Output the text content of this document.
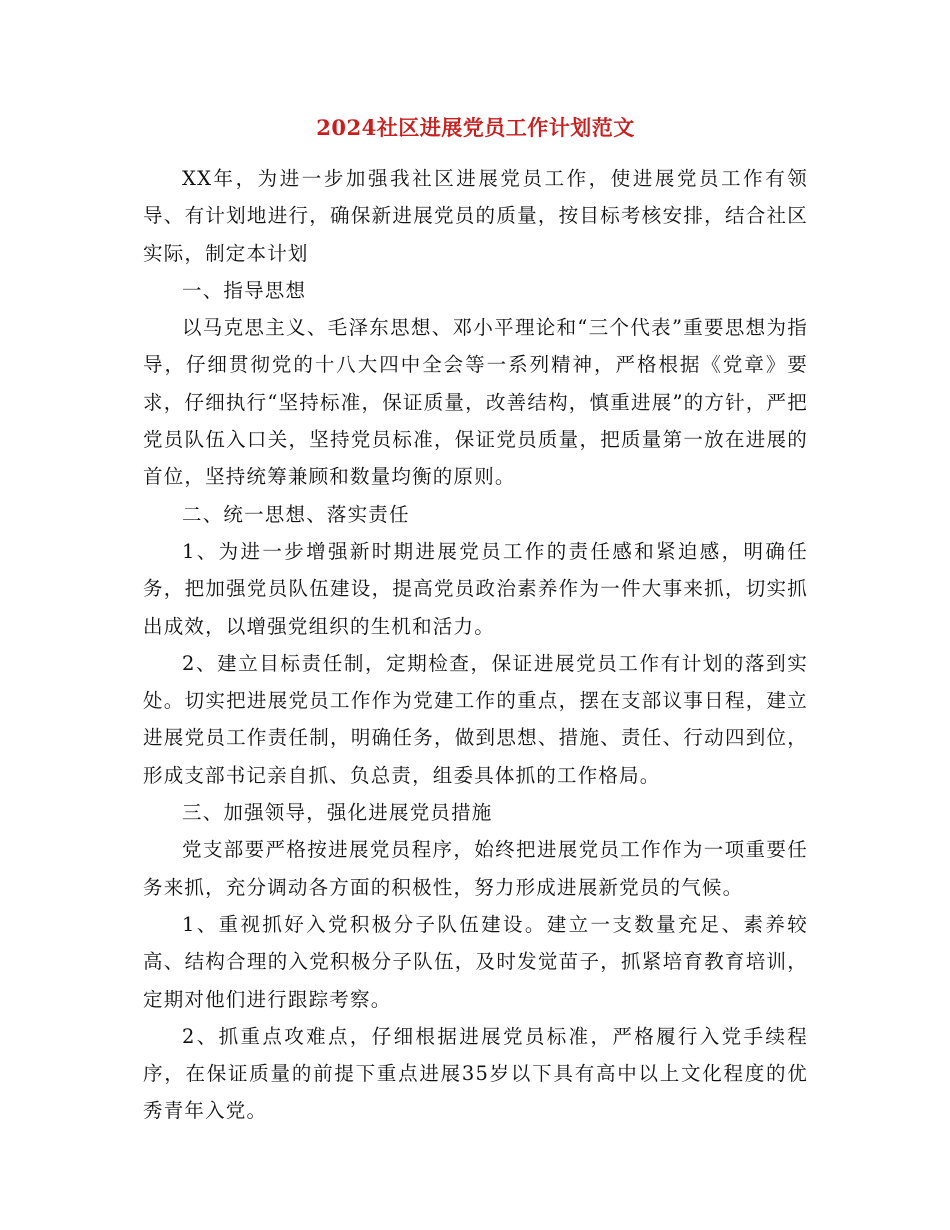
2024社区进展党员工作计划范文

XX年，为进一步加强我社区进展党员工作，使进展党员工作有领导、有计划地进行，确保新进展党员的质量，按目标考核安排，结合社区实际，制定本计划

一、指导思想

以马克思主义、毛泽东思想、邓小平理论和“三个代表”重要思想为指导，仔细贯彻党的十八大四中全会等一系列精神，严格根据《党章》要求，仔细执行“坚持标准，保证质量，改善结构，慎重进展”的方针，严把党员队伍入口关，坚持党员标准，保证党员质量，把质量第一放在进展的首位，坚持统筹兼顾和数量均衡的原则。

二、统一思想、落实责任

1、为进一步增强新时期进展党员工作的责任感和紧迫感，明确任务，把加强党员队伍建设，提高党员政治素养作为一件大事来抓，切实抓出成效，以增强党组织的生机和活力。

2、建立目标责任制，定期检查，保证进展党员工作有计划的落到实处。切实把进展党员工作作为党建工作的重点，摆在支部议事日程，建立进展党员工作责任制，明确任务，做到思想、措施、责任、行动四到位，形成支部书记亲自抓、负总责，组委具体抓的工作格局。

三、加强领导，强化进展党员措施

党支部要严格按进展党员程序，始终把进展党员工作作为一项重要任务来抓，充分调动各方面的积极性，努力形成进展新党员的气候。

1、重视抓好入党积极分子队伍建设。建立一支数量充足、素养较高、结构合理的入党积极分子队伍，及时发觉苗子，抓紧培育教育培训，定期对他们进行跟踪考察。

2、抓重点攻难点，仔细根据进展党员标准，严格履行入党手续程序，在保证质量的前提下重点进展35岁以下具有高中以上文化程度的优秀青年入党。
